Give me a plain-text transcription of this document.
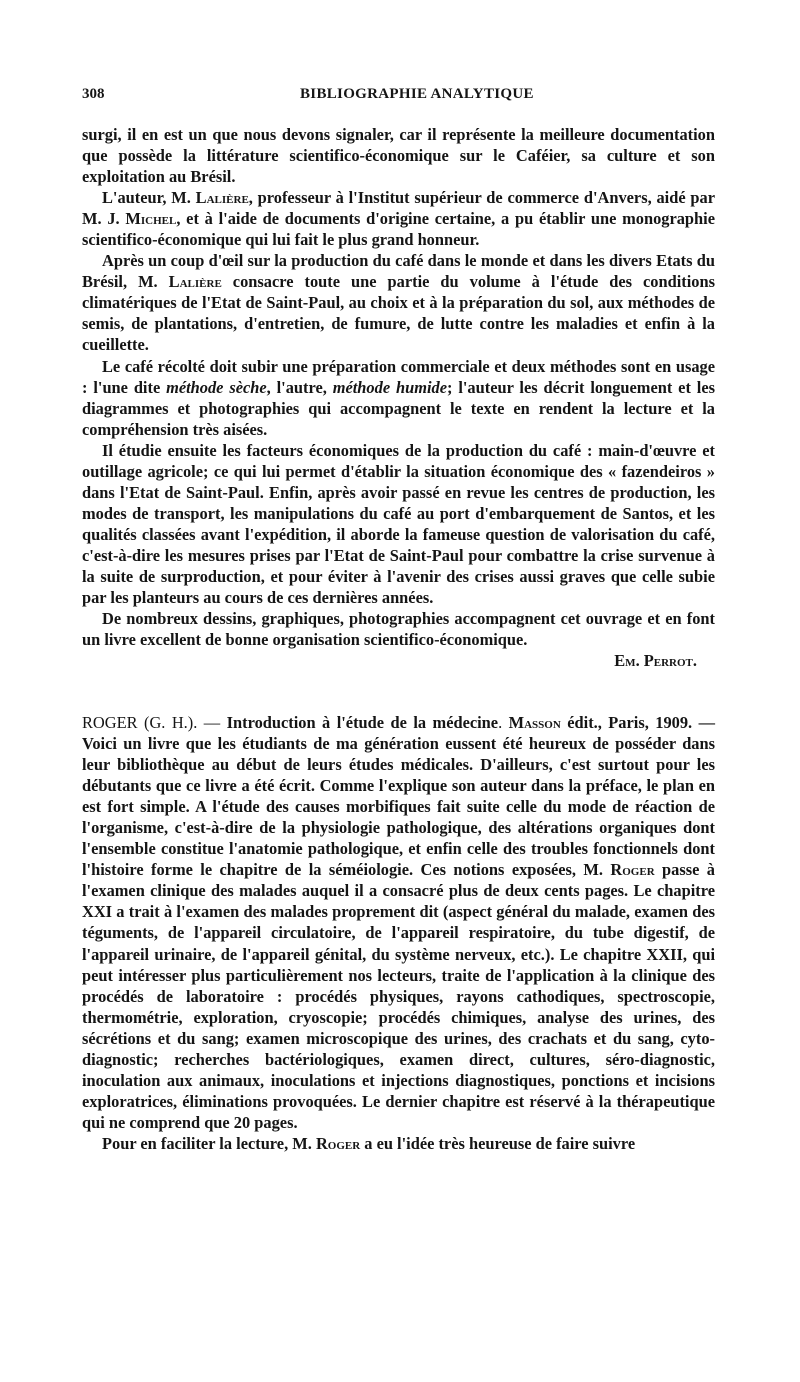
308	BIBLIOGRAPHIE ANALYTIQUE

surgi, il en est un que nous devons signaler, car il représente la meilleure documentation que possède la littérature scientifico-économique sur le Caféier, sa culture et son exploitation au Brésil.

L'auteur, M. Lalière, professeur à l'Institut supérieur de commerce d'Anvers, aidé par M. J. Michel, et à l'aide de documents d'origine certaine, a pu établir une monographie scientifico-économique qui lui fait le plus grand honneur.

Après un coup d'œil sur la production du café dans le monde et dans les divers Etats du Brésil, M. Lalière consacre toute une partie du volume à l'étude des conditions climatériques de l'Etat de Saint-Paul, au choix et à la préparation du sol, aux méthodes de semis, de plantations, d'entretien, de fumure, de lutte contre les maladies et enfin à la cueillette.

Le café récolté doit subir une préparation commerciale et deux méthodes sont en usage : l'une dite méthode sèche, l'autre, méthode humide; l'auteur les décrit longuement et les diagrammes et photographies qui accompagnent le texte en rendent la lecture et la compréhension très aisées.

Il étudie ensuite les facteurs économiques de la production du café : main-d'œuvre et outillage agricole; ce qui lui permet d'établir la situation économique des « fazendeiros » dans l'Etat de Saint-Paul. Enfin, après avoir passé en revue les centres de production, les modes de transport, les manipulations du café au port d'embarquement de Santos, et les qualités classées avant l'expédition, il aborde la fameuse question de valorisation du café, c'est-à-dire les mesures prises par l'Etat de Saint-Paul pour combattre la crise survenue à la suite de surproduction, et pour éviter à l'avenir des crises aussi graves que celle subie par les planteurs au cours de ces dernières années.

De nombreux dessins, graphiques, photographies accompagnent cet ouvrage et en font un livre excellent de bonne organisation scientifico-économique.

Em. Perrot.

ROGER (G. H.). — Introduction à l'étude de la médecine. Masson édit., Paris, 1909. — Voici un livre que les étudiants de ma génération eussent été heureux de posséder dans leur bibliothèque au début de leurs études médicales. D'ailleurs, c'est surtout pour les débutants que ce livre a été écrit. Comme l'explique son auteur dans la préface, le plan en est fort simple. A l'étude des causes morbifiques fait suite celle du mode de réaction de l'organisme, c'est-à-dire de la physiologie pathologique, des altérations organiques dont l'ensemble constitue l'anatomie pathologique, et enfin celle des troubles fonctionnels dont l'histoire forme le chapitre de la séméiologie. Ces notions exposées, M. Roger passe à l'examen clinique des malades auquel il a consacré plus de deux cents pages. Le chapitre XXI a trait à l'examen des malades proprement dit (aspect général du malade, examen des téguments, de l'appareil circulatoire, de l'appareil respiratoire, du tube digestif, de l'appareil urinaire, de l'appareil génital, du système nerveux, etc.). Le chapitre XXII, qui peut intéresser plus particulièrement nos lecteurs, traite de l'application à la clinique des procédés de laboratoire : procédés physiques, rayons cathodiques, spectroscopie, thermométrie, exploration, cryoscopie; procédés chimiques, analyse des urines, des sécrétions et du sang; examen microscopique des urines, des crachats et du sang, cyto-diagnostic; recherches bactériologiques, examen direct, cultures, séro-diagnostic, inoculation aux animaux, inoculations et injections diagnostiques, ponctions et incisions exploratrices, éliminations provoquées. Le dernier chapitre est réservé à la thérapeutique qui ne comprend que 20 pages.

Pour en faciliter la lecture, M. Roger a eu l'idée très heureuse de faire suivre
